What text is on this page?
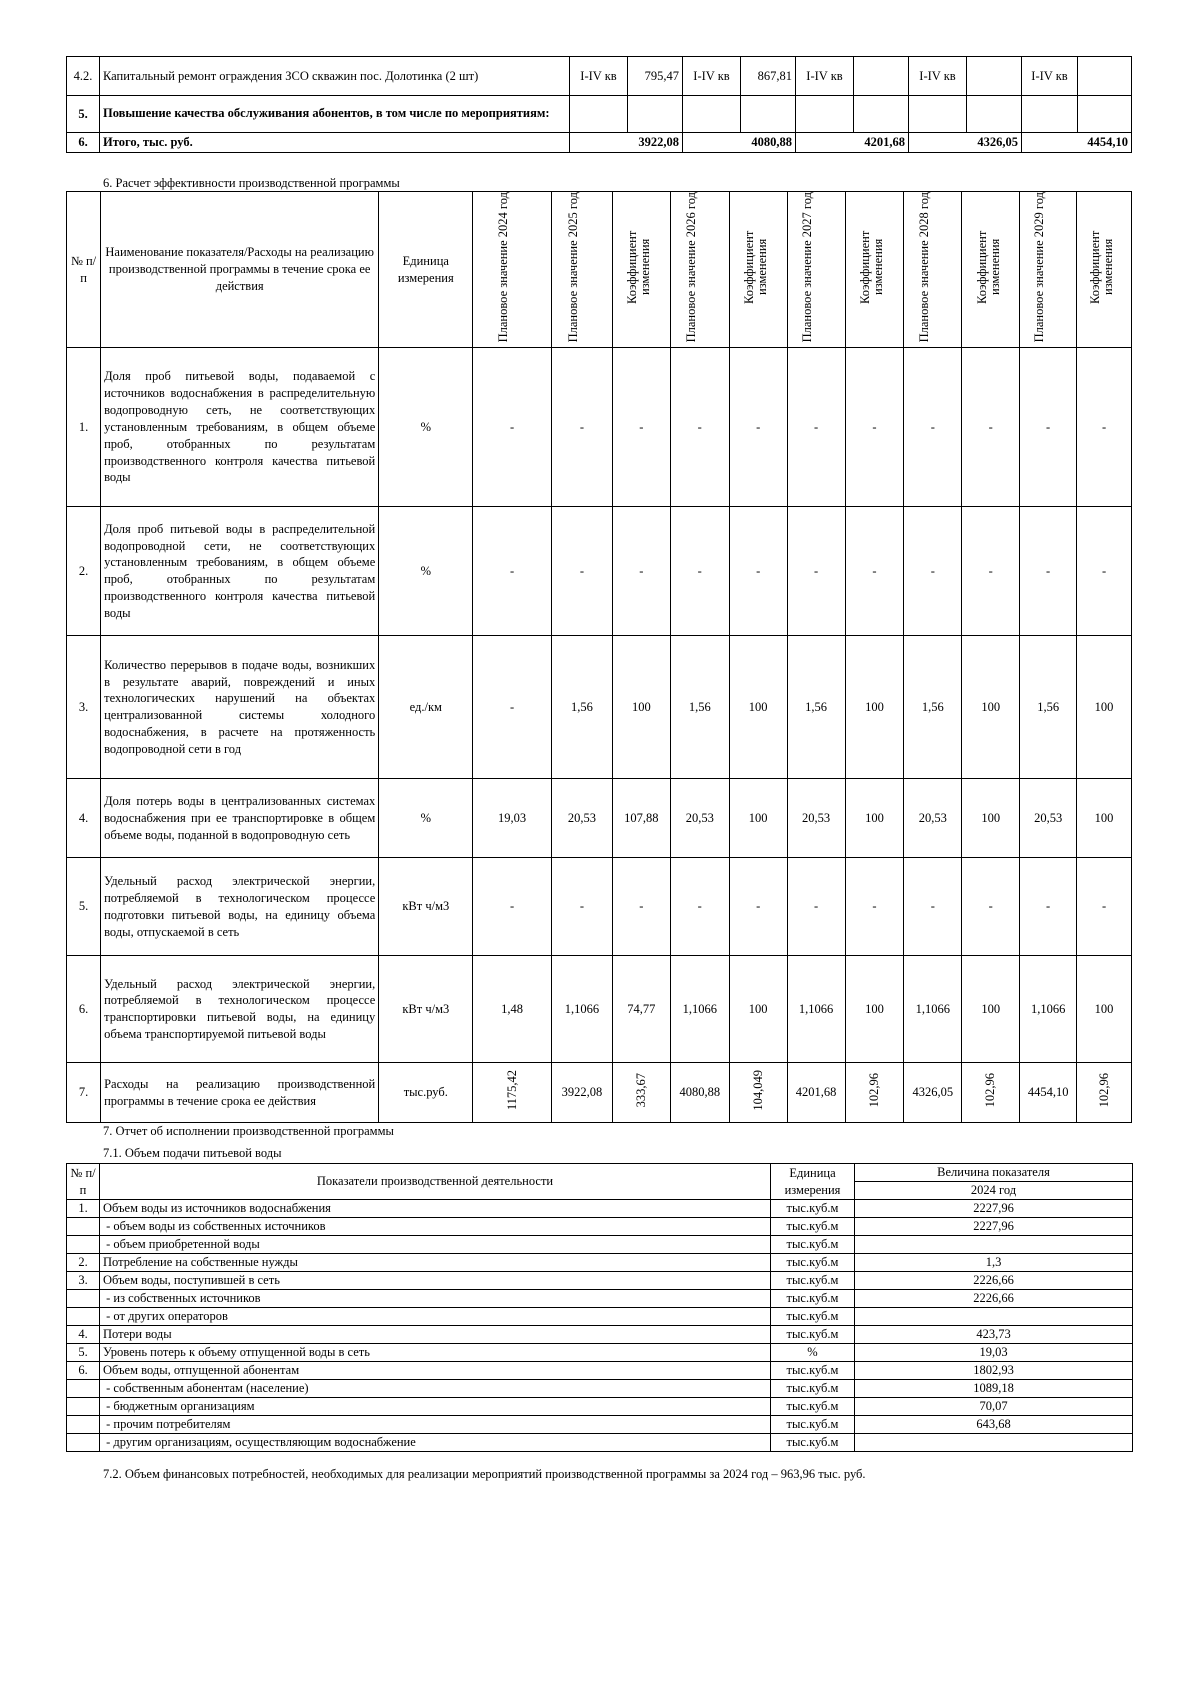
4.2.	Капитальный ремонт ограждения ЗСО скважин пос. Долотинка (2 шт)	I-IV кв	795,47	I-IV кв	867,81	I-IV кв		I-IV кв		I-IV кв	
5.	Повышение качества обслуживания абонентов, в том числе по мероприятиям:										
6.	Итого, тыс. руб.	3922,08		4080,88		4201,68		4326,05		4454,10	
6. Расчет эффективности производственной программы
№ п/п	Наименование показателя/Расходы на реализацию производственной программы в течение срока ее действия	Единица измерения	Плановое значение 2024 год	Плановое значение 2025 год	Коэффициент изменения	Плановое значение 2026 год	Коэффициент изменения	Плановое значение 2027 год	Коэффициент изменения	Плановое значение 2028 год	Коэффициент изменения	Плановое значение 2029 год	Коэффициент изменения
1.	Доля проб питьевой воды, подаваемой с источников водоснабжения в распределительную водопроводную сеть, не соответствующих установленным требованиям, в общем объеме проб, отобранных по результатам производственного контроля качества питьевой воды	%	-	-	-	-	-	-	-	-	-	-	-
2.	Доля проб питьевой воды в распределительной водопроводной сети, не соответствующих установленным требованиям, в общем объеме проб, отобранных по результатам производственного контроля качества питьевой воды	%	-	-	-	-	-	-	-	-	-	-	-
3.	Количество перерывов в подаче воды, возникших в результате аварий, повреждений и иных технологических нарушений на объектах централизованной системы холодного водоснабжения, в расчете на протяженность водопроводной сети в год	ед./км	-	1,56	100	1,56	100	1,56	100	1,56	100	1,56	100
4.	Доля потерь воды в централизованных системах водоснабжения при ее транспортировке в общем объеме воды, поданной в водопроводную сеть	%	19,03	20,53	107,88	20,53	100	20,53	100	20,53	100	20,53	100
5.	Удельный расход электрической энергии, потребляемой в технологическом процессе подготовки питьевой воды, на единицу объема воды, отпускаемой в сеть	кВт ч/м3	-	-	-	-	-	-	-	-	-	-	-
6.	Удельный расход электрической энергии, потребляемой в технологическом процессе транспортировки питьевой воды, на единицу объема транспортируемой питьевой воды	кВт ч/м3	1,48	1,1066	74,77	1,1066	100	1,1066	100	1,1066	100	1,1066	100
7.	Расходы на реализацию производственной программы в течение срока ее действия	тыс.руб.	1175,42	3922,08	333,67	4080,88	104,049	4201,68	102,96	4326,05	102,96	4454,10	102,96
7. Отчет об исполнении производственной программы
7.1. Объем подачи питьевой воды
№ п/п	Показатели производственной деятельности	Единица измерения	Величина показателя
			2024 год
1.	Объем воды из источников водоснабжения	тыс.куб.м	2227,96
	- объем воды из собственных источников	тыс.куб.м	2227,96
	- объем приобретенной воды	тыс.куб.м	
2.	Потребление на собственные нужды	тыс.куб.м	1,3
3.	Объем воды, поступившей в сеть	тыс.куб.м	2226,66
	- из собственных источников	тыс.куб.м	2226,66
	- от других операторов	тыс.куб.м	
4.	Потери воды	тыс.куб.м	423,73
5.	Уровень потерь к объему отпущенной воды в сеть	%	19,03
6.	Объем воды, отпущенной абонентам	тыс.куб.м	1802,93
	- собственным абонентам (население)	тыс.куб.м	1089,18
	- бюджетным организациям	тыс.куб.м	70,07
	- прочим потребителям	тыс.куб.м	643,68
	- другим организациям, осуществляющим водоснабжение	тыс.куб.м	
7.2. Объем финансовых потребностей, необходимых для реализации мероприятий производственной программы за 2024 год – 963,96 тыс. руб.
